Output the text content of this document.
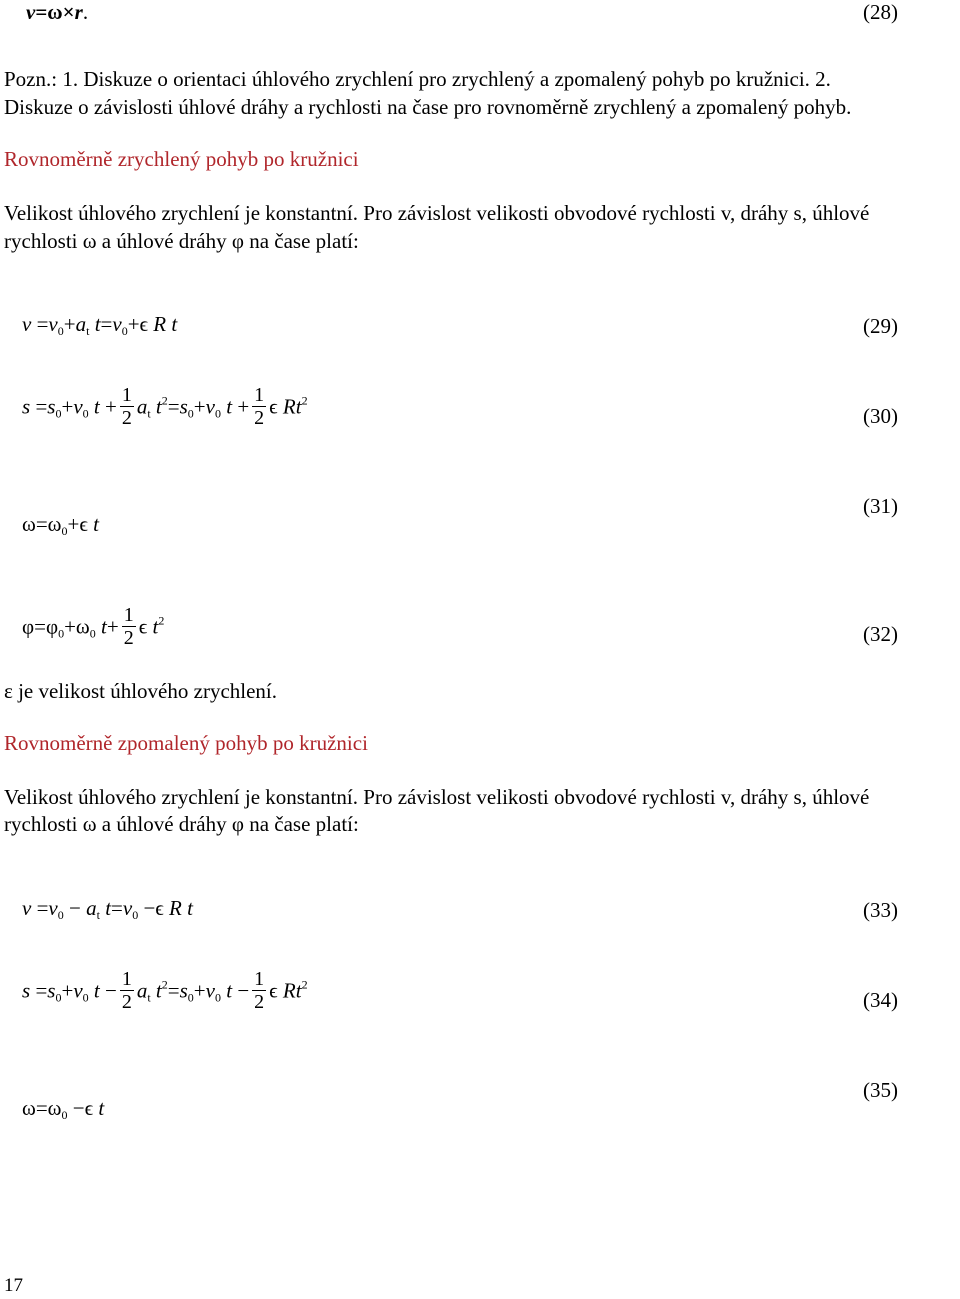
v=ω×r.	(28)
Pozn.: 1. Diskuze o orientaci úhlového zrychlení pro zrychlený a zpomalený pohyb po kružnici. 2.
Diskuze o závislosti úhlové dráhy a rychlosti na čase pro rovnoměrně zrychlený a zpomalený pohyb.
Rovnoměrně zrychlený pohyb po kružnici
Velikost úhlového zrychlení je konstantní. Pro závislost velikosti obvodové rychlosti v, dráhy s, úhlové
rychlosti ω a úhlové dráhy φ na čase platí:
$v =v_0+a_t$ $t=v_0+\epsilon$ R t	(29)
$s =s_0+v_0$ $t + \frac{1}{2} a_t$ $t^2=s_0+v_0$ $t + \frac{1}{2}$ ϵ Rt$^2$
(30)
$\omega=\omega_0+\epsilon$ t
(31)
$\varphi=\varphi_0+\omega_0$ $t+ \frac{1}{2}$ ϵ $t^2$
(32)
ε je velikost úhlového zrychlení.
Rovnoměrně zpomalený pohyb po kružnici
Velikost úhlového zrychlení je konstantní. Pro závislost velikosti obvodové rychlosti v, dráhy s, úhlové
rychlosti ω a úhlové dráhy φ na čase platí:
$v =v_0 - a_t$ $t=v_0 -\epsilon$ R t	(33)
$s =s_0+v_0$ $t - \frac{1}{2} a_t$ $t^2=s_0+v_0$ $t - \frac{1}{2}$ ϵ Rt$^2$
(34)
$\omega=\omega_0 -\epsilon$ t
(35)
17
